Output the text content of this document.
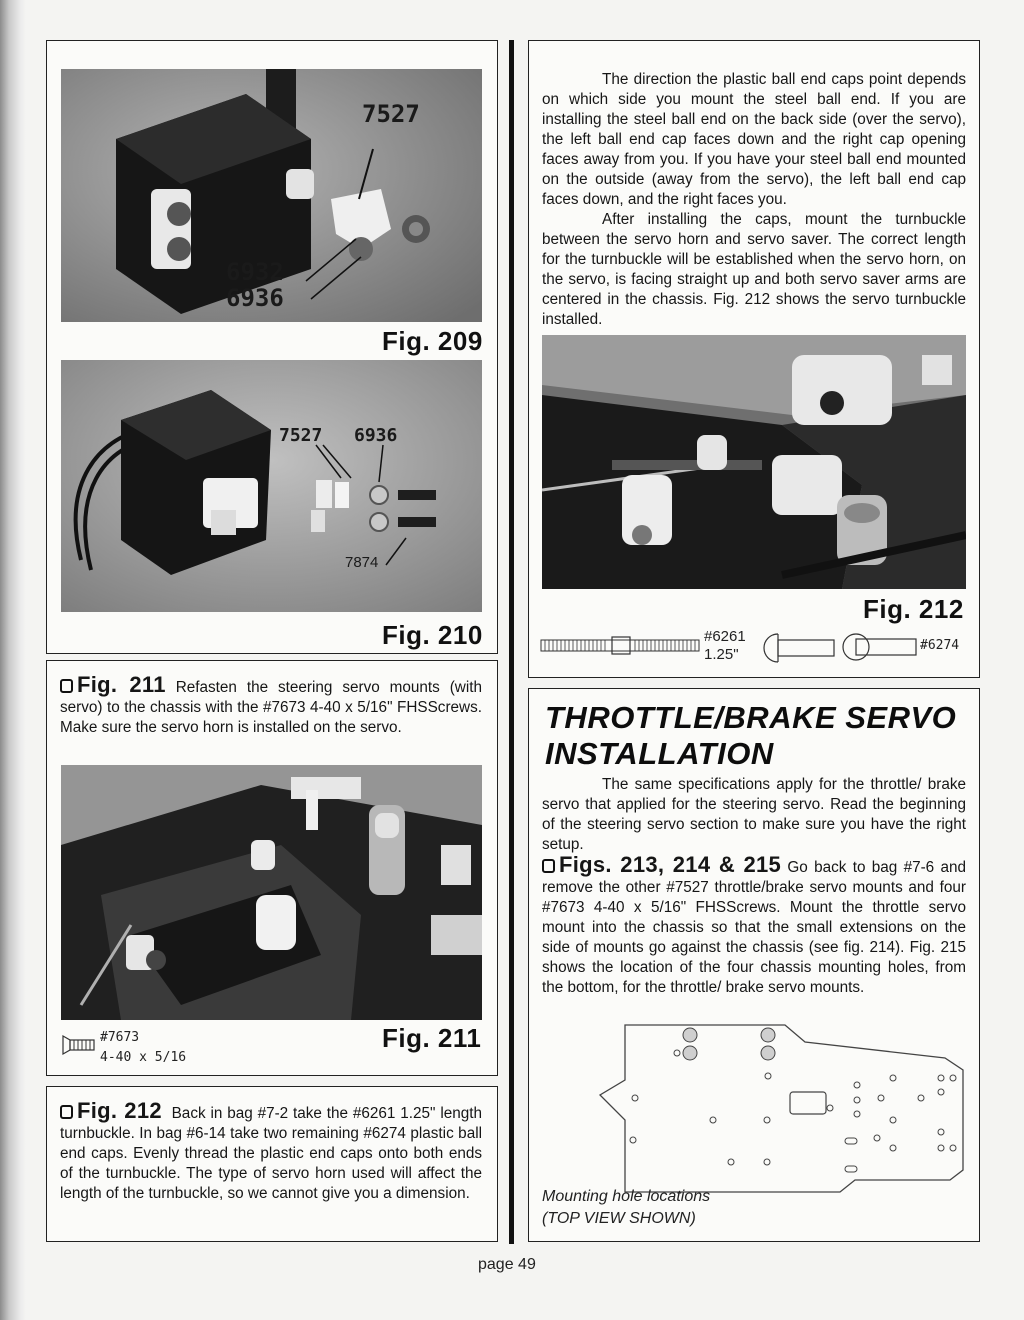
7527
6932
6936
Fig. 209
7527 6936
7874
Fig. 210

Fig. 211 Refasten the steering servo mounts (with servo) to the chassis with the #7673 4-40 x 5/16" FHSScrews. Make sure the servo horn is installed on the servo.

#7673
4-40 x 5/16
Fig. 211

Fig. 212 Back in bag #7-2 take the #6261 1.25" length turnbuckle. In bag #6-14 take two remaining #6274 plastic ball end caps. Evenly thread the plastic end caps onto both ends of the turnbuckle. The type of servo horn used will affect the length of the turnbuckle, so we cannot give you a dimension.

The direction the plastic ball end caps point depends on which side you mount the steel ball end. If you are installing the steel ball end on the back side (over the servo), the left ball end cap faces down and the right cap opening faces away from you. If you have your steel ball end mounted on the outside (away from the servo), the left ball end cap faces down, and the right faces you.

After installing the caps, mount the turnbuckle between the servo horn and servo saver. The correct length for the turnbuckle will be established when the servo horn, on the servo, is facing straight up and both servo saver arms are centered in the chassis. Fig. 212 shows the servo turnbuckle installed.

Fig. 212
#6261
1.25"
#6274
THROTTLE/BRAKE SERVO
INSTALLATION

The same specifications apply for the throttle/ brake servo that applied for the steering servo. Read the beginning of the steering servo section to make sure you have the right setup.

Figs. 213, 214 & 215 Go back to bag #7-6 and remove the other #7527 throttle/brake servo mounts and four #7673 4-40 x 5/16" FHSScrews. Mount the throttle servo mount into the chassis so that the small extensions on the side of mounts go against the chassis (see fig. 214). Fig. 215 shows the location of the four chassis mounting holes, from the bottom, for the throttle/ brake servo mounts.

Mounting hole locations
(TOP VIEW SHOWN)
page 49
